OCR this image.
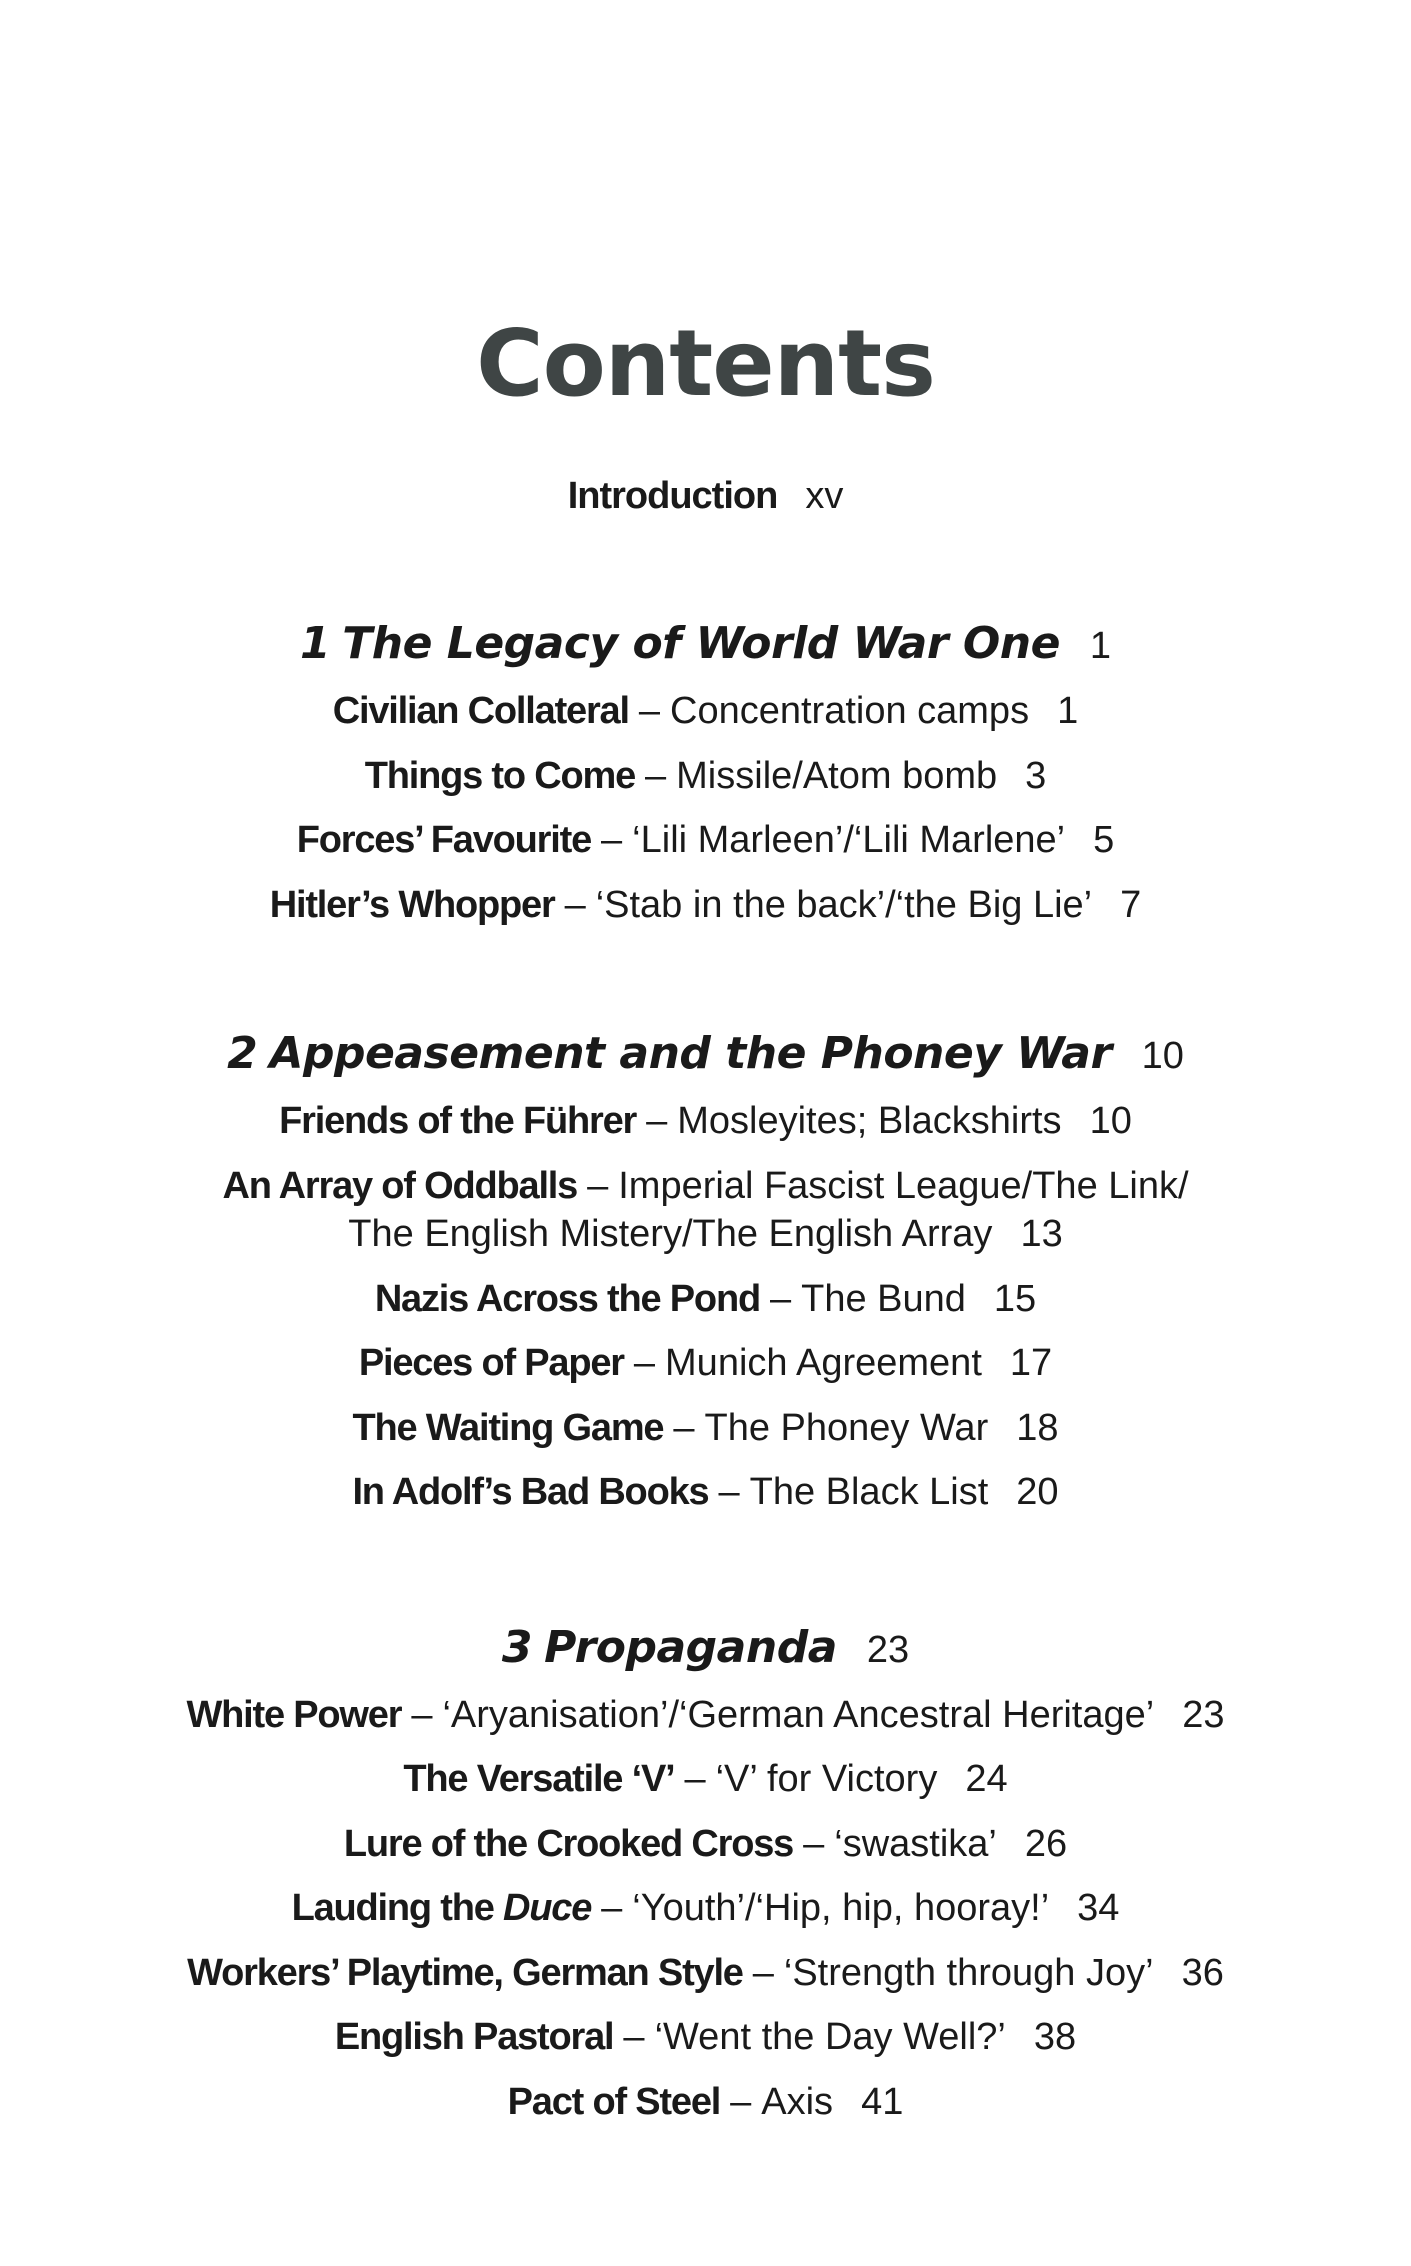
Contents
Introduction xv
1 The Legacy of World War One 1
Civilian Collateral – Concentration camps 1
Things to Come – Missile/Atom bomb 3
Forces’ Favourite – ‘Lili Marleen’/‘Lili Marlene’ 5
Hitler’s Whopper – ‘Stab in the back’/‘the Big Lie’ 7
2 Appeasement and the Phoney War 10
Friends of the Führer – Mosleyites; Blackshirts 10
An Array of Oddballs – Imperial Fascist League/The Link/
The English Mistery/The English Array 13
Nazis Across the Pond – The Bund 15
Pieces of Paper – Munich Agreement 17
The Waiting Game – The Phoney War 18
In Adolf’s Bad Books – The Black List 20
3 Propaganda 23
White Power – ‘Aryanisation’/‘German Ancestral Heritage’ 23
The Versatile ‘V’ – ‘V’ for Victory 24
Lure of the Crooked Cross – ‘swastika’ 26
Lauding the Duce – ‘Youth’/‘Hip, hip, hooray!’ 34
Workers’ Playtime, German Style – ‘Strength through Joy’ 36
English Pastoral – ‘Went the Day Well?’ 38
Pact of Steel – Axis 41
